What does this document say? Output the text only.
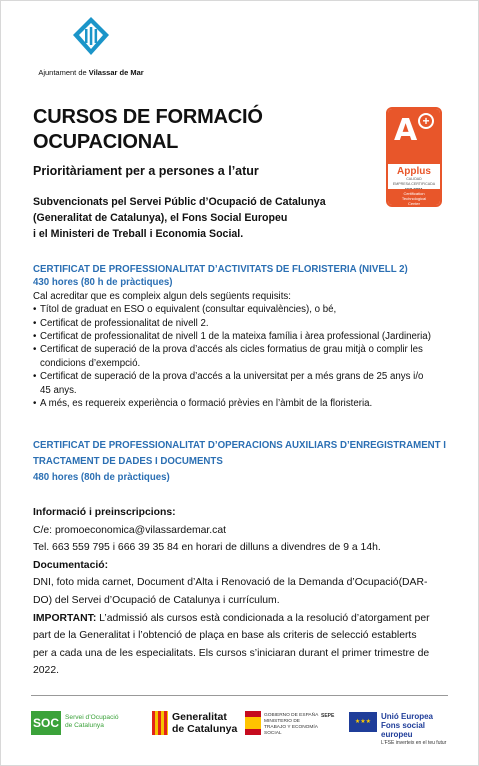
Ajuntament de Vilassar de Mar
CURSOS DE FORMACIÓ
OCUPACIONAL
Prioritàriament per a persones a l’atur
Subvencionats pel Servei Públic d’Ocupació de Catalunya
(Generalitat de Catalunya), el Fons Social Europeu
i el Ministeri de Treball i Economia Social.
A +
Applus
CALIDAD
EMPRESA CERTIFICADA
Certification
Technological
Center
CERTIFICAT DE PROFESSIONALITAT D’ACTIVITATS DE FLORISTERIA (NIVELL 2)
430 hores (80 h de pràctiques)
Cal acreditar que es compleix algun dels següents requisits:
• Títol de graduat en ESO o equivalent (consultar equivalències), o bé,
• Certificat de professionalitat de nivell 2.
• Certificat de professionalitat de nivell 1 de la mateixa família i àrea professional (Jardineria)
• Certificat de superació de la prova d’accés als cicles formatius de grau mitjà o complir les
condicions d’exempció.
• Certificat de superació de la prova d’accés a la universitat per a més grans de 25 anys i/o
45 anys.
• A més, es requereix experiència o formació prèvies en l’àmbit de la floristeria.
CERTIFICAT DE PROFESSIONALITAT D’OPERACIONS AUXILIARS D’ENREGISTRAMENT I
TRACTAMENT DE DADES I DOCUMENTS
480 hores (80h de pràctiques)
Informació i preinscripcions:
C/e: promoeconomica@vilassardemar.cat
Tel. 663 559 795 i 666 39 35 84 en horari de dilluns a divendres de 9 a 14h.
Documentació:
DNI, foto mida carnet, Document d’Alta i Renovació de la Demanda d’Ocupació(DAR-
DO) del Servei d’Ocupació de Catalunya i currículum.
IMPORTANT: L’admissió als cursos està condicionada a la resolució d’atorgament per
part de la Generalitat i l’obtenció de plaça en base als criteris de selecció establerts
per a cada una de les especialitats. Els cursos s’iniciaran durant el primer trimestre de
2022.
SOC Servei d’Ocupació
de Catalunya
Generalitat
de Catalunya
GOBIERNO DE ESPAÑA MINISTERIO DE TRABAJO Y ECONOMÍA SOCIAL
SEPE
★★★
Unió Europea
Fons social europeu
L’FSE inverteix en el teu futur
